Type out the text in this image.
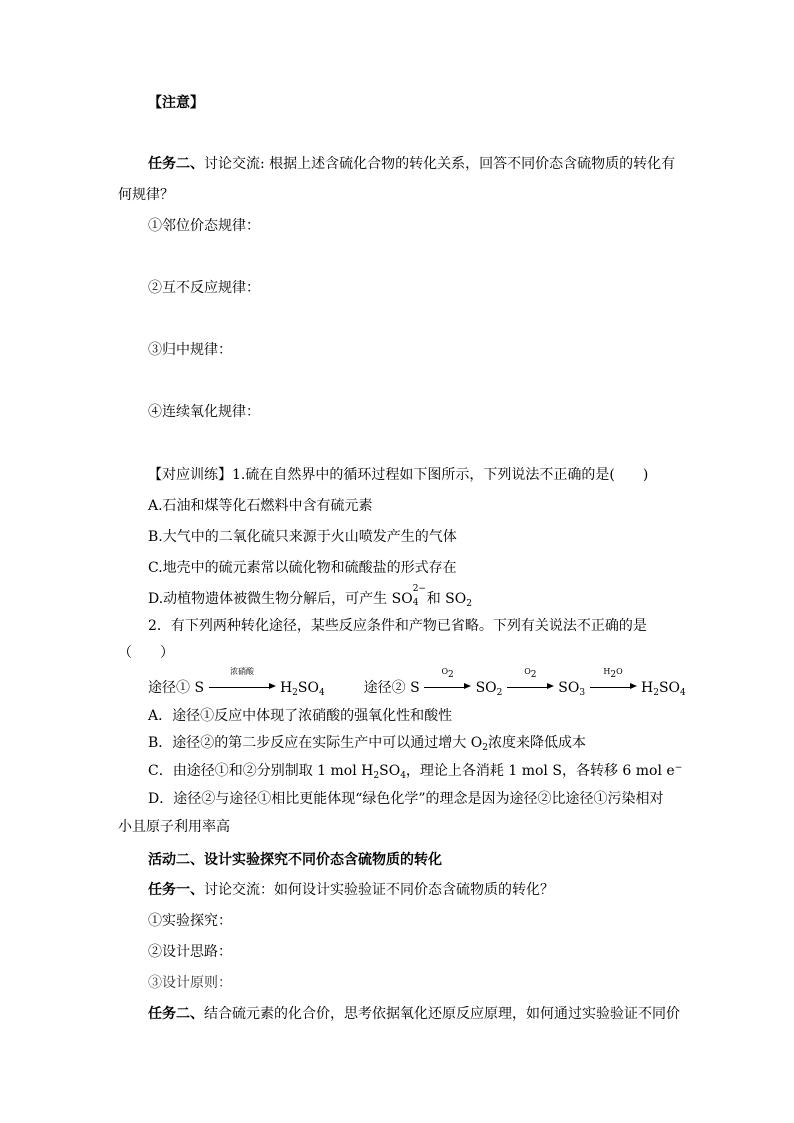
【注意】
任务二、讨论交流: 根据上述含硫化合物的转化关系，回答不同价态含硫物质的转化有
何规律？
①邻位价态规律：
②互不反应规律：
③归中规律：
④连续氧化规律：
【对应训练】1.硫在自然界中的循环过程如下图所示，下列说法不正确的是(　　)
A.石油和煤等化石燃料中含有硫元素
B.大气中的二氧化硫只来源于火山喷发产生的气体
C.地壳中的硫元素常以硫化物和硫酸盐的形式存在
D.动植物遗体被微生物分解后，可产生 SO
2−
4 和 $SO_2$
2．有下列两种转化途径，某些反应条件和产物已省略。下列有关说法不正确的是
（　　）
途径① S
浓硝酸
$H_2SO_4$	途径② S
$O_2$
$SO_2$
$O_2$
$SO_3$
$H_2O$
$H_2SO_4$
A．途径①反应中体现了浓硝酸的强氧化性和酸性
B．途径②的第二步反应在实际生产中可以通过增大 $O_2$浓度来降低成本
C．由途径①和②分别制取 1 mol $H_2SO_4$，理论上各消耗 1 mol S，各转移 6 mol e−
D．途径②与途径①相比更能体现“绿色化学”的理念是因为途径②比途径①污染相对
小且原子利用率高
活动二、设计实验探究不同价态含硫物质的转化
任务一、讨论交流：如何设计实验验证不同价态含硫物质的转化？
①实验探究：
②设计思路：
③设计原则：
任务二、结合硫元素的化合价，思考依据氧化还原反应原理，如何通过实验验证不同价
